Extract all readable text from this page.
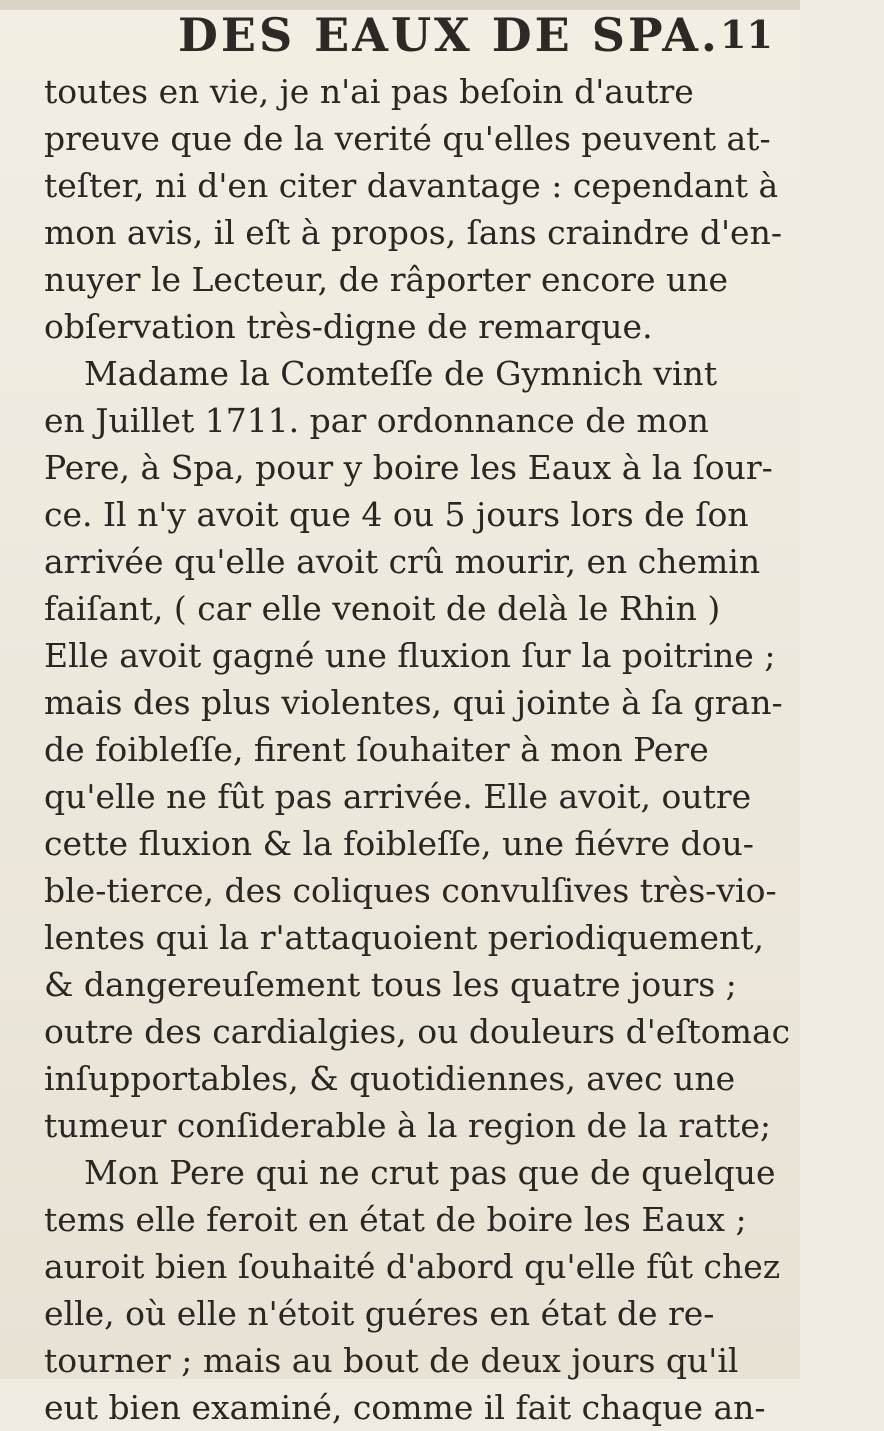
DES EAUX DE SPA. 11
toutes en vie, je n'ai pas beſoin d'autre
preuve que de la verité qu'elles peuvent at-
teſter, ni d'en citer davantage : cependant à
mon avis, il eſt à propos, ſans craindre d'en-
nuyer le Lecteur, de râporter encore une
obſervation très-digne de remarque.
Madame la Comteſſe de Gymnich vint
en Juillet 1711. par ordonnance de mon
Pere, à Spa, pour y boire les Eaux à la ſour-
ce. Il n'y avoit que 4 ou 5 jours lors de ſon
arrivée qu'elle avoit crû mourir, en chemin
faiſant, ( car elle venoit de delà le Rhin )
Elle avoit gagné une fluxion ſur la poitrine ;
mais des plus violentes, qui jointe à ſa gran-
de foibleſſe, firent ſouhaiter à mon Pere
qu'elle ne fût pas arrivée. Elle avoit, outre
cette fluxion & la foibleſſe, une fiévre dou-
ble-tierce, des coliques convulſives très-vio-
lentes qui la r'attaquoient periodiquement,
& dangereuſement tous les quatre jours ;
outre des cardialgies, ou douleurs d'eſtomac
inſupportables, & quotidiennes, avec une
tumeur conſiderable à la region de la ratte;
Mon Pere qui ne crut pas que de quelque
tems elle feroit en état de boire les Eaux ;
auroit bien ſouhaité d'abord qu'elle fût chez
elle, où elle n'étoit guéres en état de re-
tourner ; mais au bout de deux jours qu'il
eut bien examiné, comme il fait chaque an-
